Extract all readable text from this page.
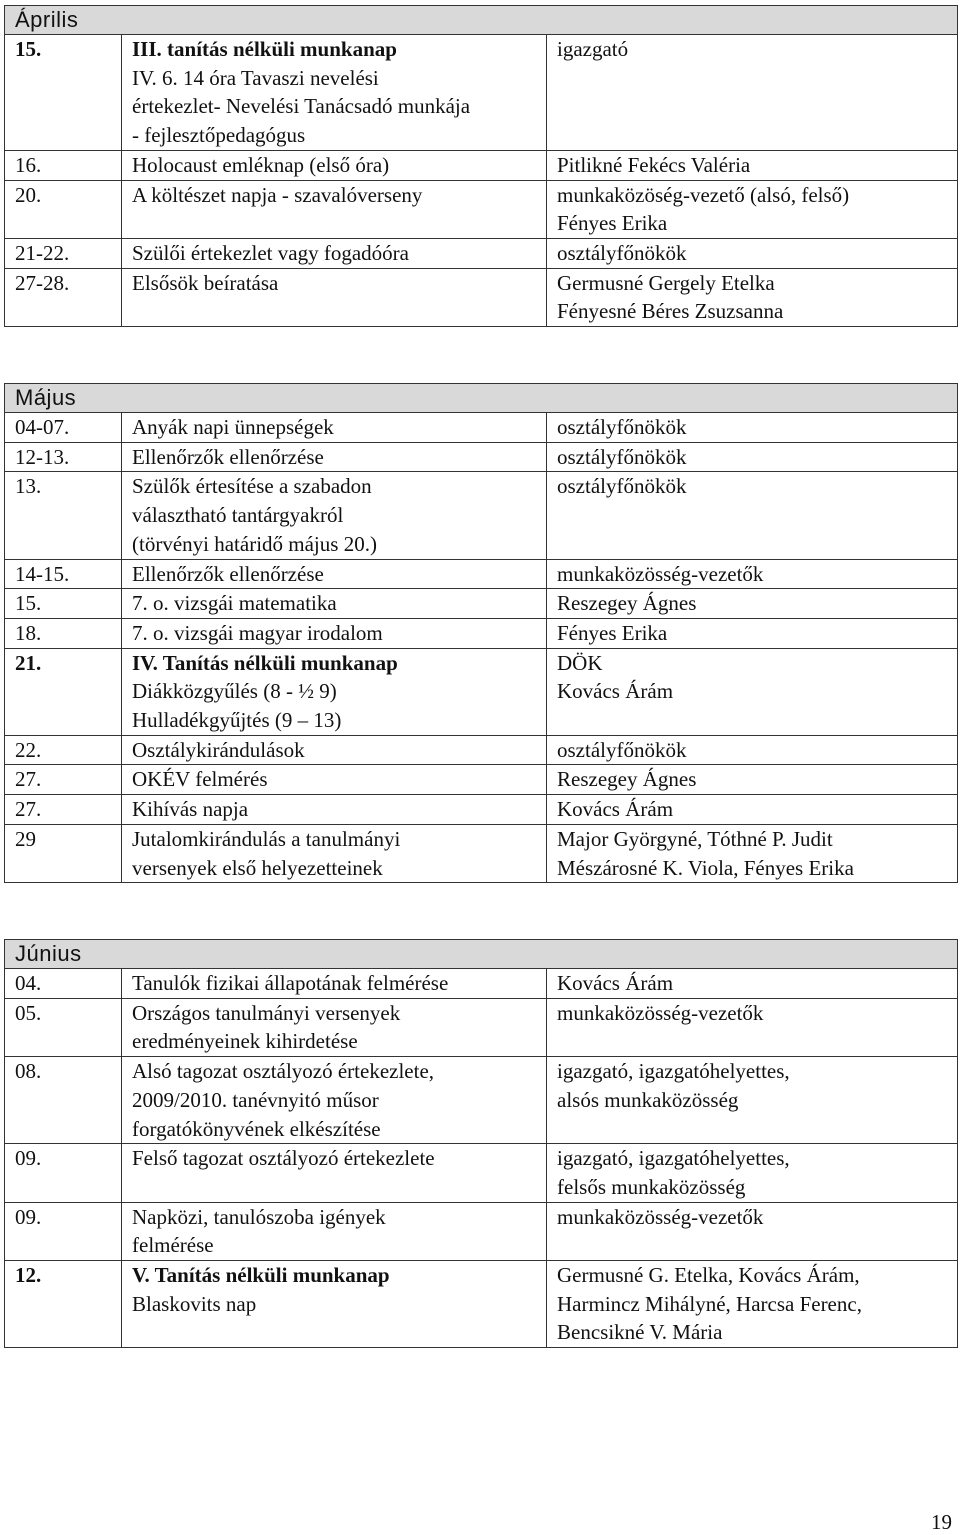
Április		
15.	III. tanítás nélküli munkanap
IV. 6. 14 óra Tavaszi nevelési
értekezlet- Nevelési Tanácsadó munkája
- fejlesztőpedagógus	igazgató

16.	Holocaust emléknap (első óra)	Pitlikné Fekécs Valéria

20.	A költészet napja - szavalóverseny	munkaközöség-vezető (alsó, felső)
Fényes Erika

21-22.	Szülői értekezlet vagy fogadóóra	osztályfőnökök

27-28.	Elsősök beíratása	Germusné Gergely Etelka
Fényesné Béres Zsuzsanna
Május		
04-07.	Anyák napi ünnepségek	osztályfőnökök

12-13.	Ellenőrzők ellenőrzése	osztályfőnökök

13.	Szülők értesítése a szabadon
választható tantárgyakról
(törvényi határidő május 20.)	osztályfőnökök

14-15.	Ellenőrzők ellenőrzése	munkaközösség-vezetők

15.	7. o. vizsgái matematika	Reszegey Ágnes

18.	7. o. vizsgái magyar irodalom	Fényes Erika

21.	IV. Tanítás nélküli munkanap
Diákközgyűlés (8 - ½ 9)
Hulladékgyűjtés (9 – 13)	DÖK
Kovács Árám

22.	Osztálykirándulások	osztályfőnökök

27.	OKÉV felmérés	Reszegey Ágnes

27.	Kihívás napja	Kovács Árám

29	Jutalomkirándulás a tanulmányi
versenyek első helyezetteinek	Major Györgyné, Tóthné P. Judit
Mészárosné K. Viola, Fényes Erika
Június		
04.	Tanulók fizikai állapotának felmérése	Kovács Árám

05.	Országos tanulmányi versenyek
eredményeinek kihirdetése	munkaközösség-vezetők

08.	Alsó tagozat osztályozó értekezlete,
2009/2010. tanévnyitó műsor
forgatókönyvének elkészítése	igazgató, igazgatóhelyettes,
alsós munkaközösség

09.	Felső tagozat osztályozó értekezlete	igazgató, igazgatóhelyettes,
felsős munkaközösség

09.	Napközi, tanulószoba igények
felmérése	munkaközösség-vezetők

12.	V. Tanítás nélküli munkanap
Blaskovits nap	Germusné G. Etelka, Kovács Árám,
Harmincz Mihályné, Harcsa Ferenc,
Bencsikné V. Mária
19
